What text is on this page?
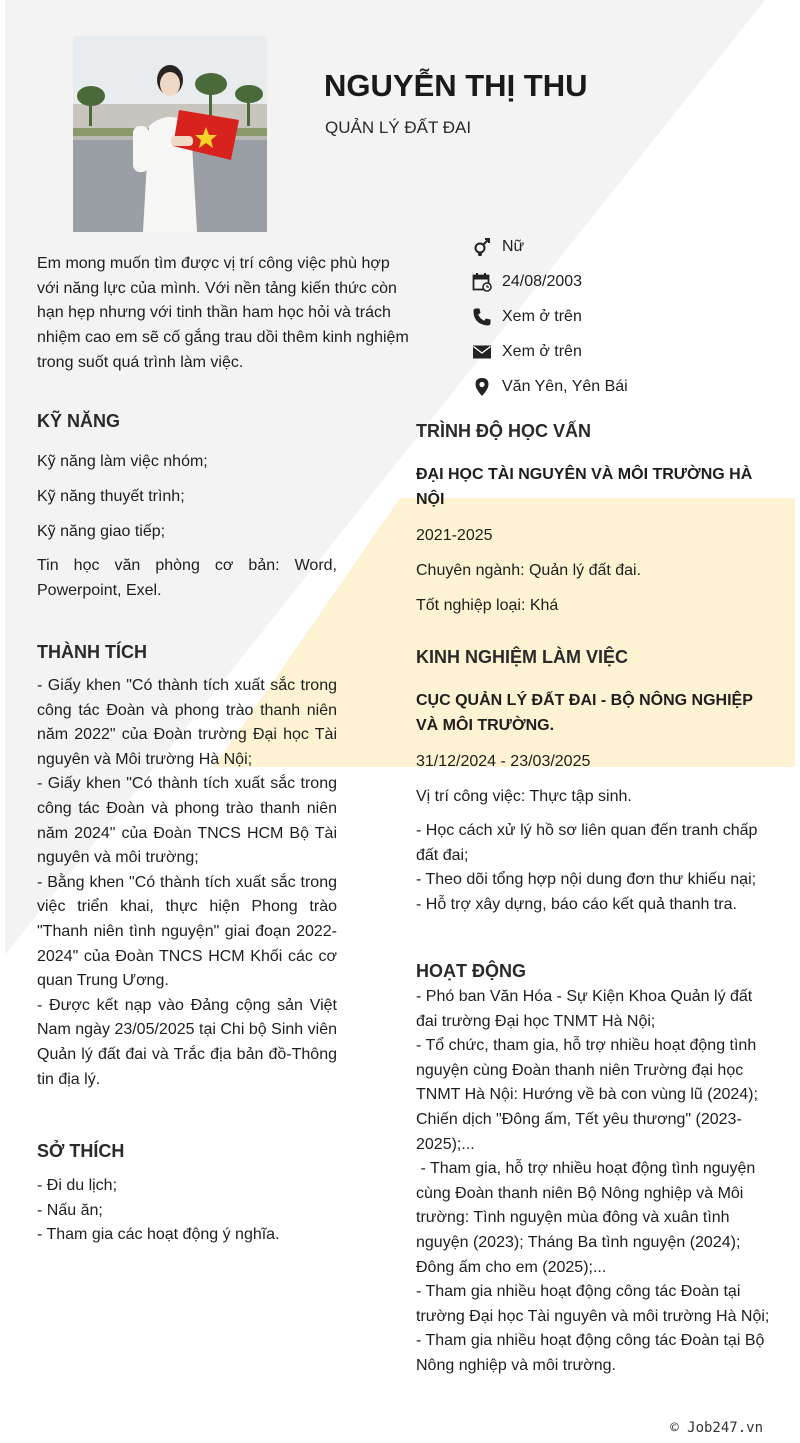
NGUYỄN THỊ THU
QUẢN LÝ ĐẤT ĐAI
Em mong muốn tìm được vị trí công việc phù hợp với năng lực của mình. Với nền tảng kiến thức còn hạn hẹp nhưng với tinh thần ham học hỏi và trách nhiệm cao em sẽ cố gắng trau dồi thêm kinh nghiệm trong suốt quá trình làm việc.
Nữ
24/08/2003
Xem ở trên
Xem ở trên
Văn Yên, Yên Bái
KỸ NĂNG
Kỹ năng làm việc nhóm;
Kỹ năng thuyết trình;
Kỹ năng giao tiếp;
Tin học văn phòng cơ bản: Word, Powerpoint, Exel.
THÀNH TÍCH
- Giấy khen "Có thành tích xuất sắc trong công tác Đoàn và phong trào thanh niên năm 2022" của Đoàn trường Đại học Tài nguyên và Môi trường Hà Nội;
- Giấy khen "Có thành tích xuất sắc trong công tác Đoàn và phong trào thanh niên năm 2024" của Đoàn TNCS HCM Bộ Tài nguyên và môi trường;
- Bằng khen "Có thành tích xuất sắc trong việc triển khai, thực hiện Phong trào "Thanh niên tình nguyện" giai đoạn 2022-2024" của Đoàn TNCS HCM Khối các cơ quan Trung Ương.
- Được kết nạp vào Đảng cộng sản Việt Nam ngày 23/05/2025 tại Chi bộ Sinh viên Quản lý đất đai và Trắc địa bản đồ-Thông tin địa lý.
SỞ THÍCH
- Đi du lịch;
- Nấu ăn;
- Tham gia các hoạt động ý nghĩa.
TRÌNH ĐỘ HỌC VẤN
ĐẠI HỌC TÀI NGUYÊN VÀ MÔI TRƯỜNG HÀ NỘI
2021-2025
Chuyên ngành: Quản lý đất đai.
Tốt nghiệp loại: Khá
KINH NGHIỆM LÀM VIỆC
CỤC QUẢN LÝ ĐẤT ĐAI - BỘ NÔNG NGHIỆP VÀ MÔI TRƯỜNG.
31/12/2024 - 23/03/2025
Vị trí công việc: Thực tập sinh.
- Học cách xử lý hồ sơ liên quan đến tranh chấp đất đai;
- Theo dõi tổng hợp nội dung đơn thư khiếu nại;
- Hỗ trợ xây dựng, báo cáo kết quả thanh tra.
HOẠT ĐỘNG
- Phó ban Văn Hóa - Sự Kiện Khoa Quản lý đất đai trường Đại học TNMT Hà Nội;
- Tổ chức, tham gia, hỗ trợ nhiều hoạt động tình nguyện cùng Đoàn thanh niên Trường đại học TNMT Hà Nội: Hướng về bà con vùng lũ (2024); Chiến dịch "Đông ấm, Tết yêu thương" (2023-2025);...
- Tham gia, hỗ trợ nhiều hoạt động tình nguyện cùng Đoàn thanh niên Bộ Nông nghiệp và Môi trường: Tình nguyện mùa đông và xuân tình nguyện (2023); Tháng Ba tình nguyện (2024); Đông ấm cho em (2025);...
- Tham gia nhiều hoạt động công tác Đoàn tại trường Đại học Tài nguyên và môi trường Hà Nội;
- Tham gia nhiều hoạt động công tác Đoàn tại Bộ Nông nghiệp và môi trường.
© Job247.vn
